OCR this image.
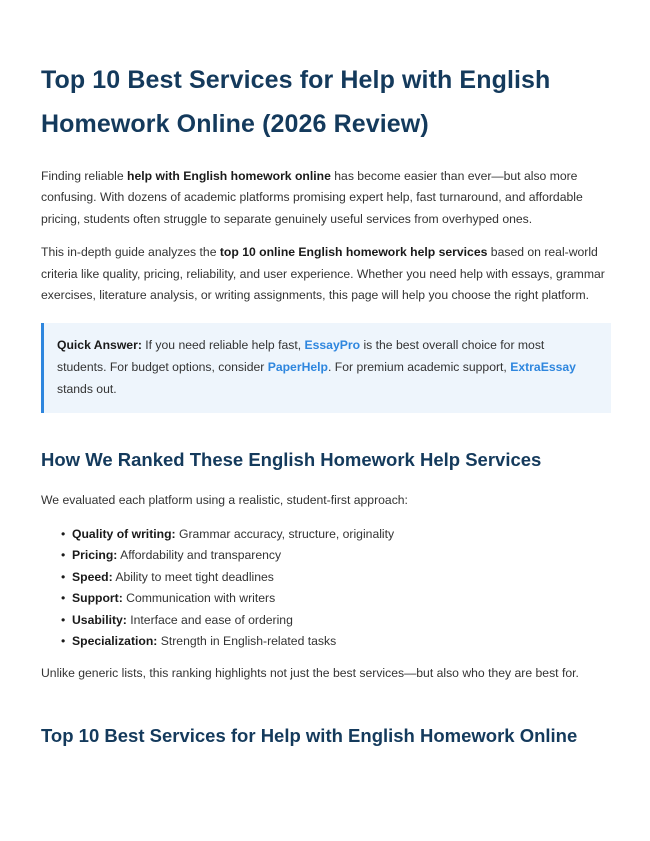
Top 10 Best Services for Help with English Homework Online (2026 Review)

Finding reliable help with English homework online has become easier than ever—but also more confusing. With dozens of academic platforms promising expert help, fast turnaround, and affordable pricing, students often struggle to separate genuinely useful services from overhyped ones.

This in-depth guide analyzes the top 10 online English homework help services based on real-world criteria like quality, pricing, reliability, and user experience. Whether you need help with essays, grammar exercises, literature analysis, or writing assignments, this page will help you choose the right platform.

Quick Answer: If you need reliable help fast, EssayPro is the best overall choice for most students. For budget options, consider PaperHelp. For premium academic support, ExtraEssay stands out.

How We Ranked These English Homework Help Services

We evaluated each platform using a realistic, student-first approach:

• Quality of writing: Grammar accuracy, structure, originality
• Pricing: Affordability and transparency
• Speed: Ability to meet tight deadlines
• Support: Communication with writers
• Usability: Interface and ease of ordering
• Specialization: Strength in English-related tasks

Unlike generic lists, this ranking highlights not just the best services—but also who they are best for.

Top 10 Best Services for Help with English Homework Online
